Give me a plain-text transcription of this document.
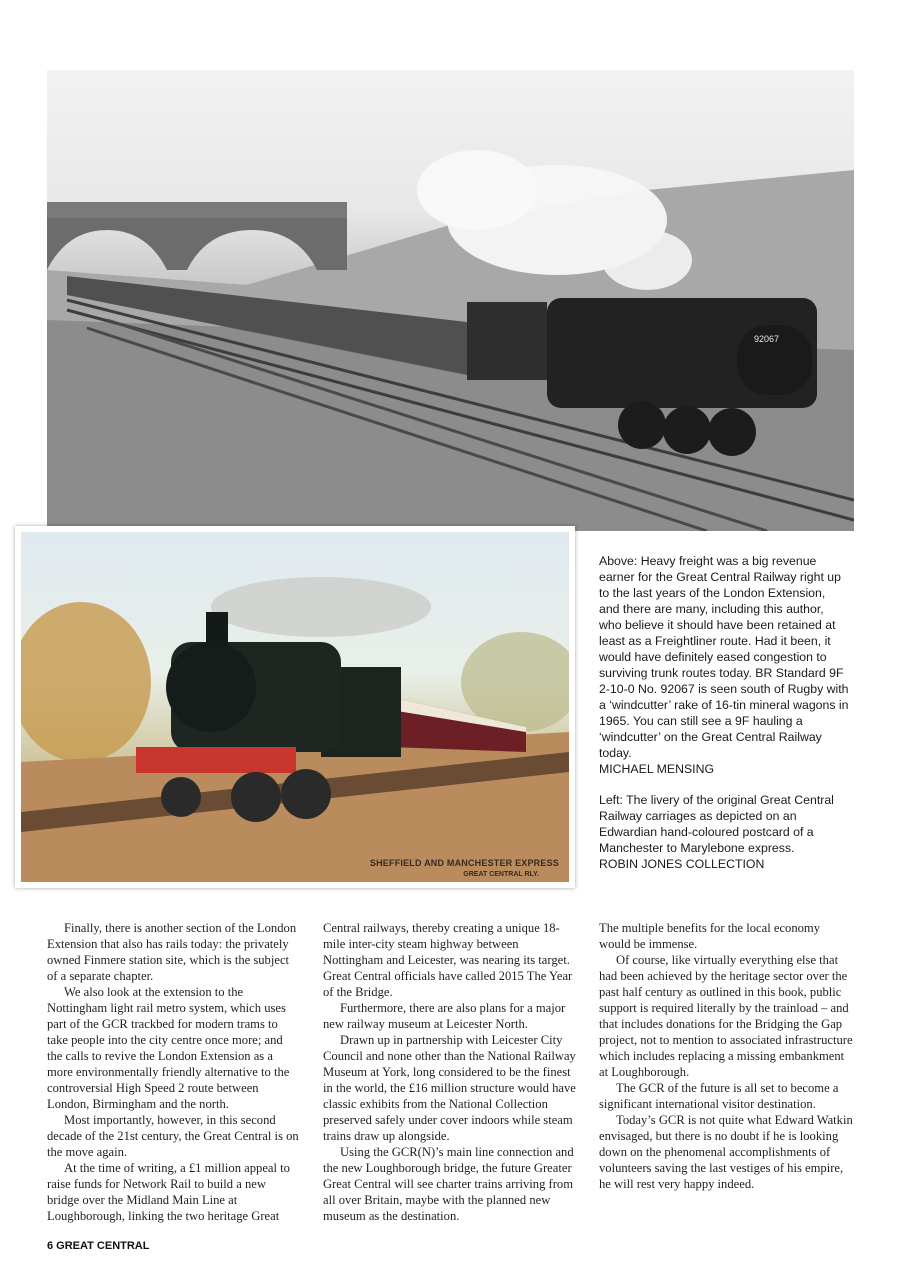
92067
SHEFFIELD AND MANCHESTER EXPRESS
GREAT CENTRAL RLY.
Above: Heavy freight was a big revenue earner for the Great Central Railway right up to the last years of the London Extension, and there are many, including this author, who believe it should have been retained at least as a Freightliner route. Had it been, it would have definitely eased congestion to surviving trunk routes today. BR Standard 9F 2-10-0 No. 92067 is seen south of Rugby with a ‘windcutter’ rake of 16-tin mineral wagons in 1965. You can still see a 9F hauling a ‘windcutter’ on the Great Central Railway today.
MICHAEL MENSING
Left: The livery of the original Great Central Railway carriages as depicted on an Edwardian hand-coloured postcard of a Manchester to Marylebone express.
ROBIN JONES COLLECTION

Finally, there is another section of the London Extension that also has rails today: the privately owned Finmere station site, which is the subject of a separate chapter.

We also look at the extension to the Nottingham light rail metro system, which uses part of the GCR trackbed for modern trams to take people into the city centre once more; and the calls to revive the London Extension as a more environmentally friendly alternative to the controversial High Speed 2 route between London, Birmingham and the north.

Most importantly, however, in this second decade of the 21st century, the Great Central is on the move again.

At the time of writing, a £1 million appeal to raise funds for Network Rail to build a new bridge over the Midland Main Line at Loughborough, linking the two heritage Great

Central railways, thereby creating a unique 18-mile inter-city steam highway between Nottingham and Leicester, was nearing its target. Great Central officials have called 2015 The Year of the Bridge.

Furthermore, there are also plans for a major new railway museum at Leicester North.

Drawn up in partnership with Leicester City Council and none other than the National Railway Museum at York, long considered to be the finest in the world, the £16 million structure would have classic exhibits from the National Collection preserved safely under cover indoors while steam trains draw up alongside.

Using the GCR(N)’s main line connection and the new Loughborough bridge, the future Greater Great Central will see charter trains arriving from all over Britain, maybe with the planned new museum as the destination.

The multiple benefits for the local economy would be immense.

Of course, like virtually everything else that had been achieved by the heritage sector over the past half century as outlined in this book, public support is required literally by the trainload – and that includes donations for the Bridging the Gap project, not to mention to associated infrastructure which includes replacing a missing embankment at Loughborough.

The GCR of the future is all set to become a significant international visitor destination.

Today’s GCR is not quite what Edward Watkin envisaged, but there is no doubt if he is looking down on the phenomenal accomplishments of volunteers saving the last vestiges of his empire, he will rest very happy indeed.

6 GREAT CENTRAL
